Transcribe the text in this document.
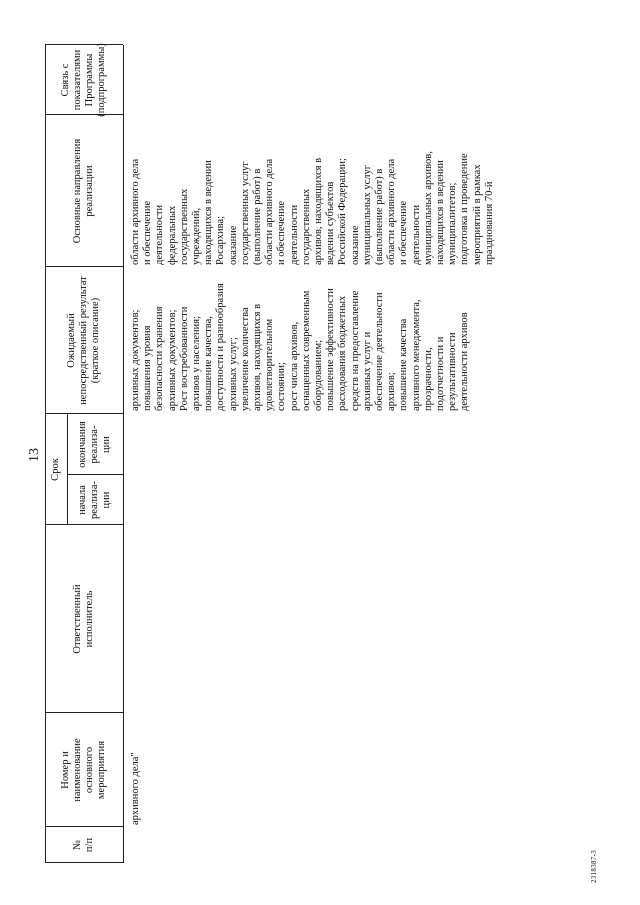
13
2318387-3
№
п/п
Номер и
наименование
основного
мероприятия
Ответственный
исполнитель
Срок
начала
реализа-
ции
окончания
реализа-
ции
Ожидаемый
непосредственный результат
(краткое описание)
Основные направления
реализации
Связь с
показателями
Программы
(подпрограммы)
архивного дела"
архивных документов;
повышения уровня
безопасности хранения
архивных документов;
Рост востребованности
архивов у населения;
повышение качества,
доступности и разнообразия
архивных услуг;
увеличение количества
архивов, находящихся в
удовлетворительном
состоянии;
рост числа архивов,
оснащенных современным
оборудованием;
повышение эффективности
расходования бюджетных
средств на предоставление
архивных услуг и
обеспечение деятельности
архивов;
повышение качества
архивного менеджмента,
прозрачности,
подотчетности и
результативности
деятельности архивов
области архивного дела
и обеспечение
деятельности
федеральных
государственных
учреждений,
находящихся в ведении
Росархива;
оказание
государственных услуг
(выполнение работ) в
области архивного дела
и обеспечение
деятельности
государственных
архивов, находящихся в
ведении субъектов
Российской Федерации;
оказание
муниципальных услуг
(выполнение работ) в
области архивного дела
и обеспечение
деятельности
муниципальных архивов,
находящихся в ведении
муниципалитетов;
подготовка и проведение
мероприятий в рамках
празднования 70-й
